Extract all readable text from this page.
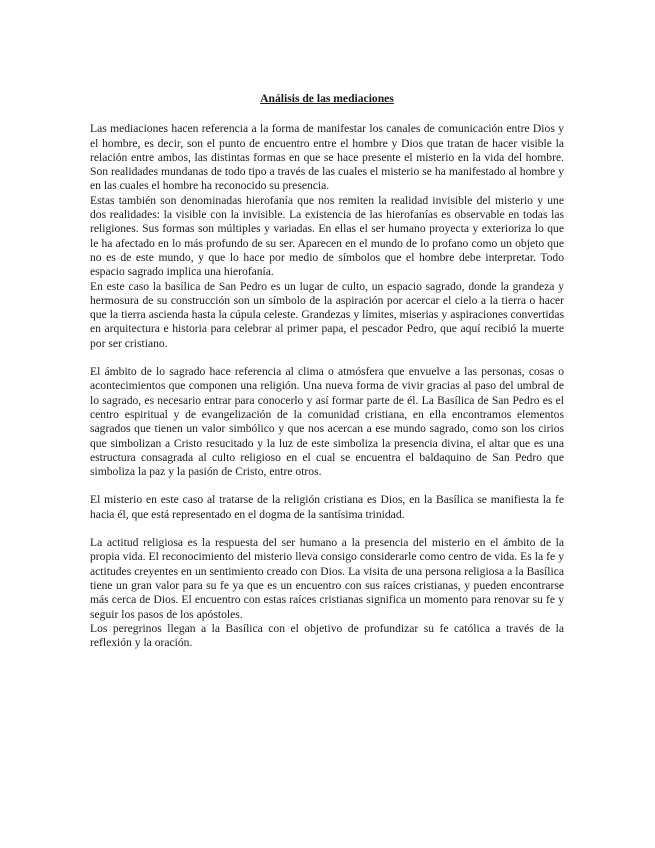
Análisis de las mediaciones

Las mediaciones hacen referencia a la forma de manifestar los canales de comunicación entre Dios y el hombre, es decir, son el punto de encuentro entre el hombre y Dios que tratan de hacer visible la relación entre ambos, las distintas formas en que se hace presente el misterio en la vida del hombre. Son realidades mundanas de todo tipo a través de las cuales el misterio se ha manifestado al hombre y en las cuales el hombre ha reconocido su presencia.

Estas también son denominadas hierofanía que nos remiten la realidad invisible del misterio y une dos realidades: la visible con la invisible. La existencia de las hierofanías es observable en todas las religiones. Sus formas son múltiples y variadas. En ellas el ser humano proyecta y exterioriza lo que le ha afectado en lo más profundo de su ser. Aparecen en el mundo de lo profano como un objeto que no es de este mundo, y que lo hace por medio de símbolos que el hombre debe interpretar. Todo espacio sagrado implica una hierofanía.

En este caso la basílica de San Pedro es un lugar de culto, un espacio sagrado, donde la grandeza y hermosura de su construcción son un símbolo de la aspiración por acercar el cielo a la tierra o hacer que la tierra ascienda hasta la cúpula celeste. Grandezas y límites, miserias y aspiraciones convertidas en arquitectura e historia para celebrar al primer papa, el pescador Pedro, que aquí recibió la muerte por ser cristiano.

El ámbito de lo sagrado hace referencia al clima o atmósfera que envuelve a las personas, cosas o acontecimientos que componen una religión. Una nueva forma de vivir gracias al paso del umbral de lo sagrado, es necesario entrar para conocerlo y así formar parte de él. La Basílica de San Pedro es el centro espiritual y de evangelización de la comunidad cristiana, en ella encontramos elementos sagrados que tienen un valor simbólico y que nos acercan a ese mundo sagrado, como son los cirios que simbolizan a Cristo resucitado y la luz de este simboliza la presencia divina, el altar que es una estructura consagrada al culto religioso en el cual se encuentra el baldaquino de San Pedro que simboliza la paz y la pasión de Cristo, entre otros.

El misterio en este caso al tratarse de la religión cristiana es Dios, en la Basílica se manifiesta la fe hacia él, que está representado en el dogma de la santísima trinidad.

La actitud religiosa es la respuesta del ser humano a la presencia del misterio en el ámbito de la propia vida. El reconocimiento del misterio lleva consigo considerarle como centro de vida. Es la fe y actitudes creyentes en un sentimiento creado con Dios. La visita de una persona religiosa a la Basílica tiene un gran valor para su fe ya que es un encuentro con sus raíces cristianas, y pueden encontrarse más cerca de Dios. El encuentro con estas raíces cristianas significa un momento para renovar su fe y seguir los pasos de los apóstoles.

Los peregrinos llegan a la Basílica con el objetivo de profundizar su fe católica a través de la reflexión y la oración.
